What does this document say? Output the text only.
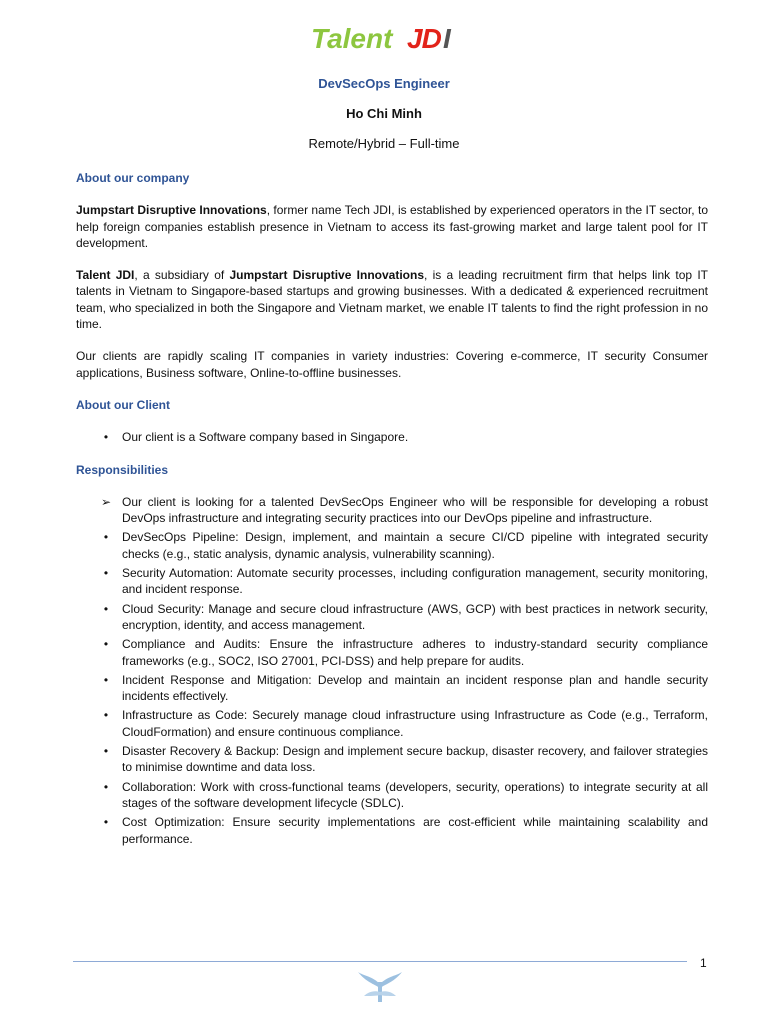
Talent JD I
DevSecOps Engineer
Ho Chi Minh
Remote/Hybrid – Full-time
About our company

Jumpstart Disruptive Innovations, former name Tech JDI, is established by experienced operators in the IT sector, to help foreign companies establish presence in Vietnam to access its fast-growing market and large talent pool for IT development.

Talent JDI, a subsidiary of Jumpstart Disruptive Innovations, is a leading recruitment firm that helps link top IT talents in Vietnam to Singapore-based startups and growing businesses. With a dedicated & experienced recruitment team, who specialized in both the Singapore and Vietnam market, we enable IT talents to find the right profession in no time.

Our clients are rapidly scaling IT companies in variety industries: Covering e-commerce, IT security Consumer applications, Business software, Online-to-offline businesses.

About our Client
•	Our client is a Software company based in Singapore.
Responsibilities
➢ Our client is looking for a talented DevSecOps Engineer who will be responsible for developing a robust DevOps infrastructure and integrating security practices into our DevOps pipeline and infrastructure.
•	DevSecOps Pipeline: Design, implement, and maintain a secure CI/CD pipeline with integrated security checks (e.g., static analysis, dynamic analysis, vulnerability scanning).
•	Security Automation: Automate security processes, including configuration management, security monitoring, and incident response.
•	Cloud Security: Manage and secure cloud infrastructure (AWS, GCP) with best practices in network security, encryption, identity, and access management.
•	Compliance and Audits: Ensure the infrastructure adheres to industry-standard security compliance frameworks (e.g., SOC2, ISO 27001, PCI-DSS) and help prepare for audits.
•	Incident Response and Mitigation: Develop and maintain an incident response plan and handle security incidents effectively.
•	Infrastructure as Code: Securely manage cloud infrastructure using Infrastructure as Code (e.g., Terraform, CloudFormation) and ensure continuous compliance.
•	Disaster Recovery & Backup: Design and implement secure backup, disaster recovery, and failover strategies to minimise downtime and data loss.
•	Collaboration: Work with cross-functional teams (developers, security, operations) to integrate security at all stages of the software development lifecycle (SDLC).
•	Cost Optimization: Ensure security implementations are cost-efficient while maintaining scalability and performance.
1
